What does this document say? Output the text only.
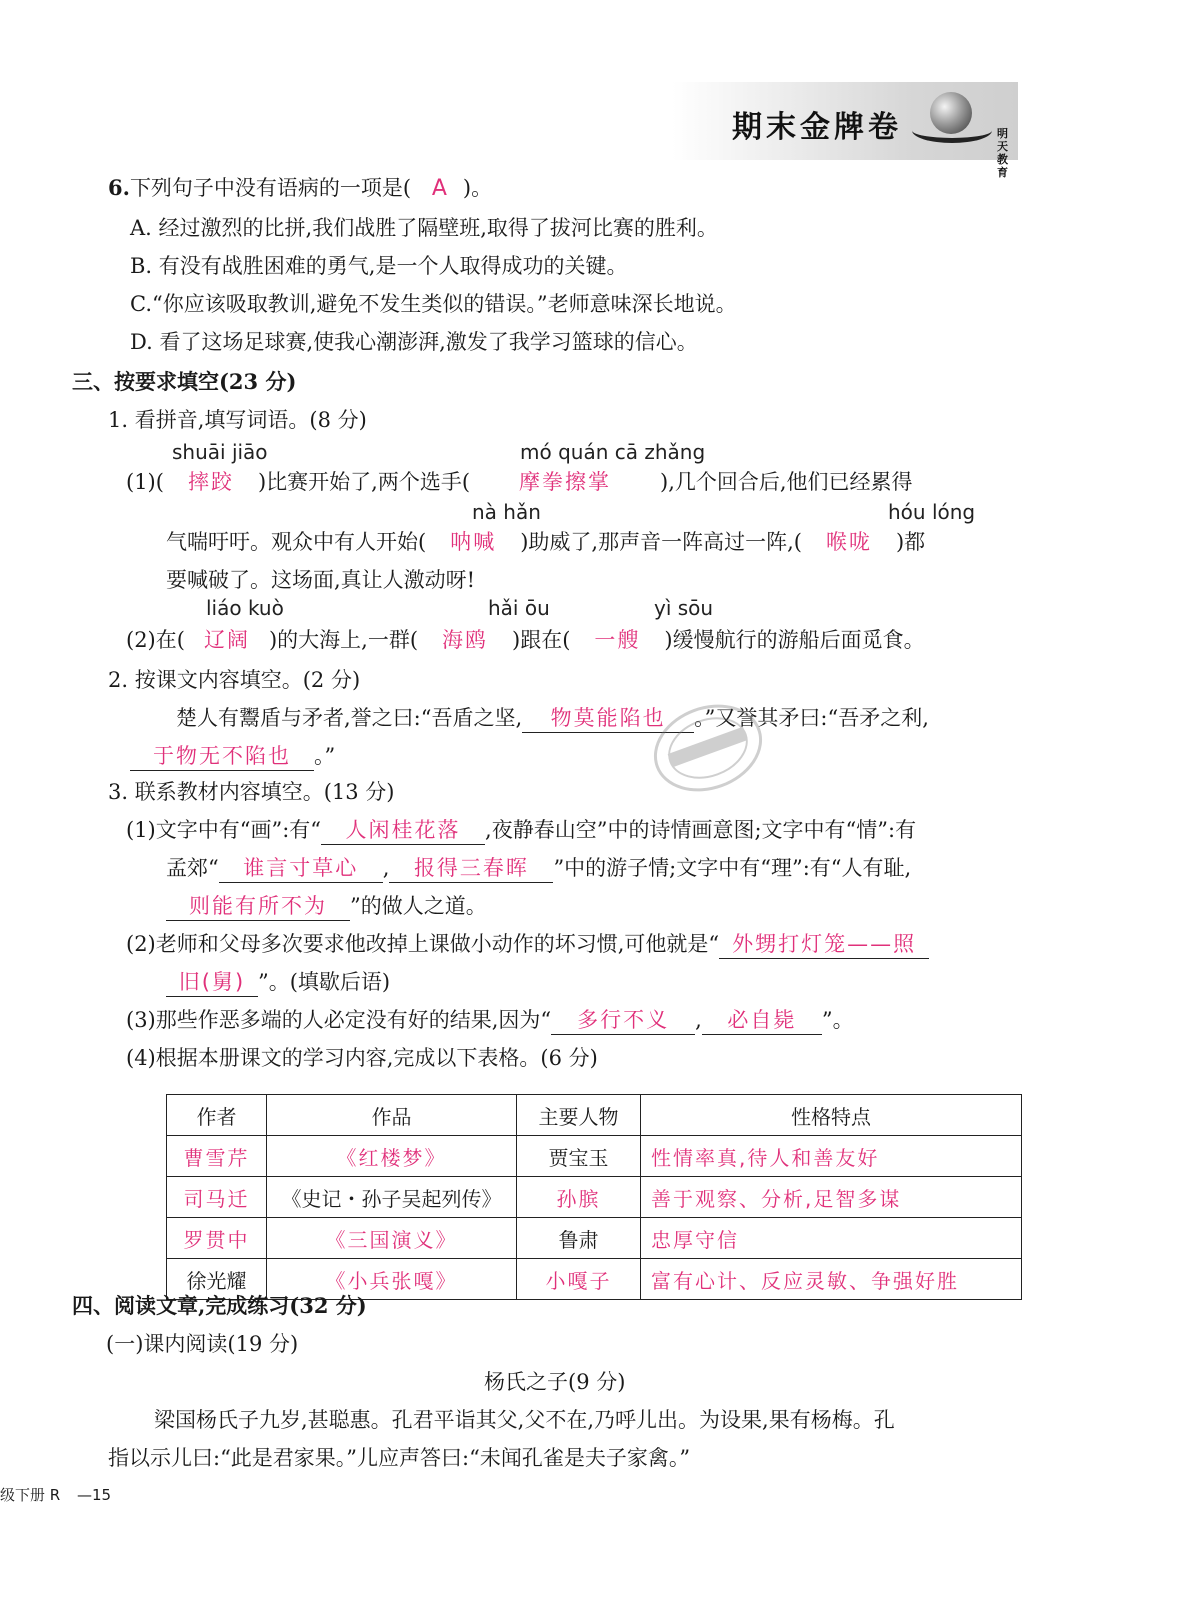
期末金牌卷	明天教育
6.下列句子中没有语病的一项是( A )。
A. 经过激烈的比拼,我们战胜了隔壁班,取得了拔河比赛的胜利。
B. 有没有战胜困难的勇气,是一个人取得成功的关键。
C.“你应该吸取教训,避免不发生类似的错误。”老师意味深长地说。
D. 看了这场足球赛,使我心潮澎湃,激发了我学习篮球的信心。
三、按要求填空(23 分)
1. 看拼音,填写词语。(8 分)
shuāi jiāo	mó quán cā zhǎng
(1)( 摔跤 )比赛开始了,两个选手( 摩拳擦掌 ),几个回合后,他们已经累得
nà hǎn	hóu lóng
气喘吁吁。观众中有人开始( 呐喊 )助威了,那声音一阵高过一阵,( 喉咙 )都
要喊破了。这场面,真让人激动呀!
liáo kuò	hǎi ōu	yì sōu
(2)在( 辽阔 )的大海上,一群( 海鸥 )跟在( 一艘 )缓慢航行的游船后面觅食。
2. 按课文内容填空。(2 分)
楚人有鬻盾与矛者,誉之曰:“吾盾之坚, 物莫能陷也 。”又誉其矛曰:“吾矛之利,
于物无不陷也 。”
3. 联系教材内容填空。(13 分)
(1)文字中有“画”:有“ 人闲桂花落 ,夜静春山空”中的诗情画意图;文字中有“情”:有
孟郊“ 谁言寸草心 , 报得三春晖 ”中的游子情;文字中有“理”:有“人有耻,
则能有所不为 ”的做人之道。
(2)老师和父母多次要求他改掉上课做小动作的坏习惯,可他就是“ 外甥打灯笼——照
旧(舅) ”。(填歇后语)
(3)那些作恶多端的人必定没有好的结果,因为“ 多行不义 , 必自毙 ”。
(4)根据本册课文的学习内容,完成以下表格。(6 分)
作者	作品	主要人物	性格特点
曹雪芹	《红楼梦》	贾宝玉	性情率真,待人和善友好
司马迁	《史记・孙子吴起列传》	孙膑	善于观察、分析,足智多谋
罗贯中	《三国演义》	鲁肃	忠厚守信
徐光耀	《小兵张嘎》	小嘎子	富有心计、反应灵敏、争强好胜
四、阅读文章,完成练习(32 分)
(一)课内阅读(19 分)
杨氏之子(9 分)
梁国杨氏子九岁,甚聪惠。孔君平诣其父,父不在,乃呼儿出。为设果,果有杨梅。孔
指以示儿曰:“此是君家果。”儿应声答曰:“未闻孔雀是夫子家禽。”
级下册 R —15
